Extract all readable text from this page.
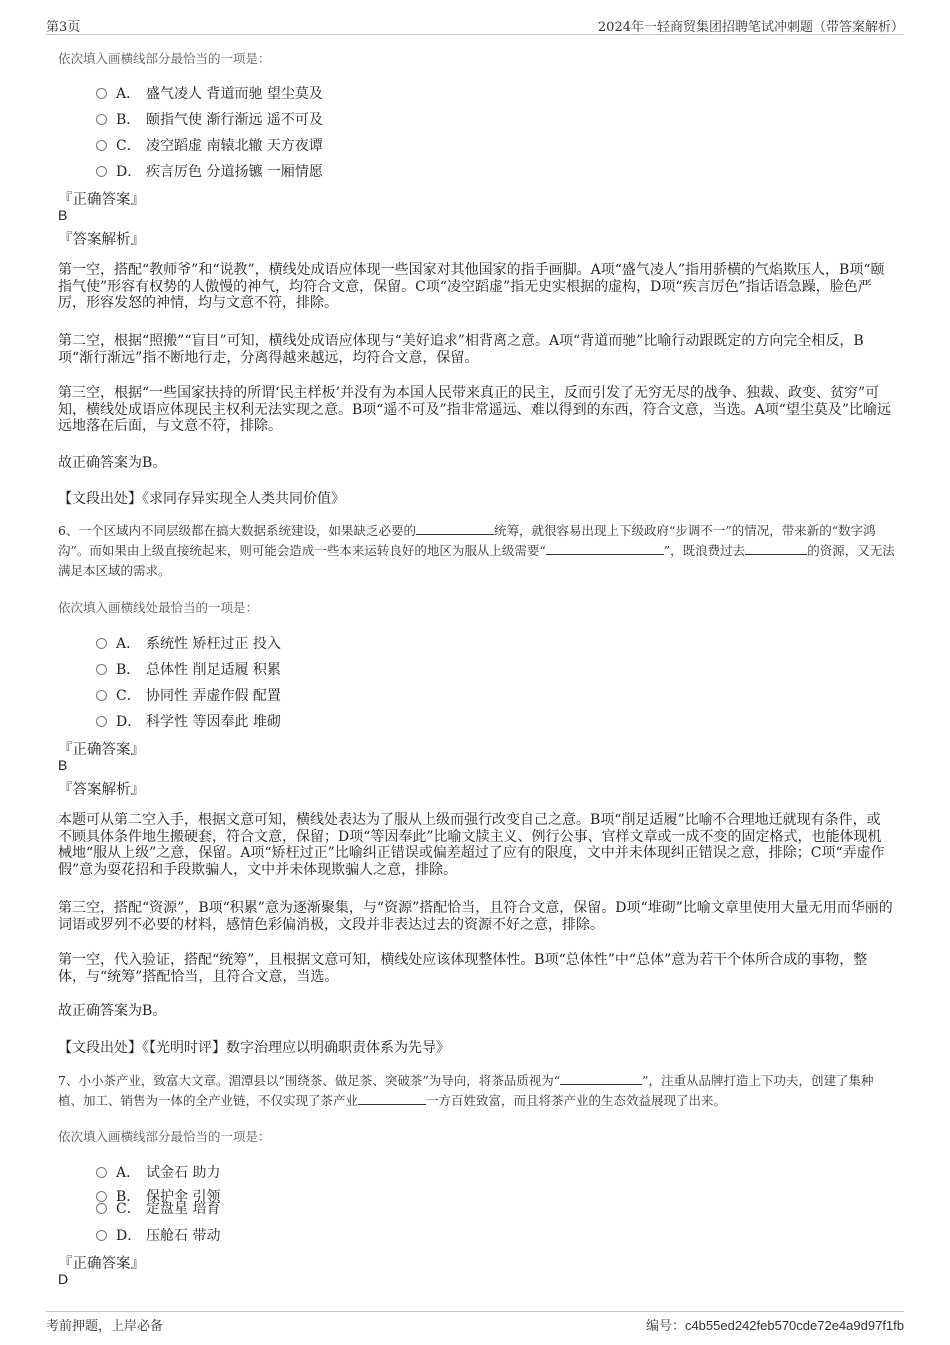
第3页	2024年一轻商贸集团招聘笔试冲刺题（带答案解析）
依次填入画横线部分最恰当的一项是：
A． 盛气凌人 背道而驰 望尘莫及
B． 颐指气使 渐行渐远 遥不可及
C． 凌空蹈虚 南辕北辙 天方夜谭
D． 疾言厉色 分道扬镳 一厢情愿
『正确答案』
B
『答案解析』
第一空，搭配“教师爷”和“说教”，横线处成语应体现一些国家对其他国家的指手画脚。A项“盛气凌人”指用骄横的气焰欺压人，B项“颐指气使”形容有权势的人傲慢的神气，均符合文意，保留。C项“凌空蹈虚”指无史实根据的虚构，D项“疾言厉色”指话语急躁，脸色严厉，形容发怒的神情，均与文意不符，排除。
第二空，根据“照搬”“盲目”可知，横线处成语应体现与“美好追求”相背离之意。A项“背道而驰”比喻行动跟既定的方向完全相反，B项“渐行渐远”指不断地行走，分离得越来越远，均符合文意，保留。
第三空，根据“一些国家扶持的所谓‘民主样板’并没有为本国人民带来真正的民主，反而引发了无穷无尽的战争、独裁、政变、贫穷”可知，横线处成语应体现民主权利无法实现之意。B项“遥不可及”指非常遥远、难以得到的东西，符合文意，当选。A项“望尘莫及”比喻远远地落在后面，与文意不符，排除。
故正确答案为B。
【文段出处】《求同存异实现全人类共同价值》
6、一个区域内不同层级都在搞大数据系统建设，如果缺乏必要的	统筹，就很容易出现上下级政府“步调不一”的情况，带来新的“数字鸿沟”。而如果由上级直接统起来，则可能会造成一些本来运转良好的地区为服从上级需要“	”，既浪费过去	的资源，又无法满足本区域的需求。
依次填入画横线处最恰当的一项是：
A． 系统性 矫枉过正 投入
B． 总体性 削足适履 积累
C． 协同性 弄虚作假 配置
D． 科学性 等因奉此 堆砌
『正确答案』
B
『答案解析』
本题可从第二空入手，根据文意可知，横线处表达为了服从上级而强行改变自己之意。B项“削足适履”比喻不合理地迁就现有条件，或不顾具体条件地生搬硬套，符合文意，保留；D项“等因奉此”比喻文牍主义、例行公事、官样文章或一成不变的固定格式，也能体现机械地“服从上级”之意，保留。A项“矫枉过正”比喻纠正错误或偏差超过了应有的限度，文中并未体现纠正错误之意，排除；C项“弄虚作假”意为耍花招和手段欺骗人，文中并未体现欺骗人之意，排除。
第三空，搭配“资源”，B项“积累”意为逐渐聚集，与“资源”搭配恰当，且符合文意，保留。D项“堆砌”比喻文章里使用大量无用而华丽的词语或罗列不必要的材料，感情色彩偏消极，文段并非表达过去的资源不好之意，排除。
第一空，代入验证，搭配“统筹”，且根据文意可知，横线处应该体现整体性。B项“总体性”中“总体”意为若干个体所合成的事物，整体，与“统筹”搭配恰当，且符合文意，当选。
故正确答案为B。
【文段出处】《【光明时评】数字治理应以明确职责体系为先导》
7、小小茶产业，致富大文章。湄潭县以“围绕茶、做足茶、突破茶”为导向，将茶品质视为“	”，注重从品牌打造上下功夫，创建了集种植、加工、销售为一体的全产业链，不仅实现了茶产业	一方百姓致富，而且将茶产业的生态效益展现了出来。
依次填入画横线部分最恰当的一项是：
A． 试金石 助力
B． 保护伞 引领
C． 定盘星 培育
D． 压舱石 带动
『正确答案』
D
考前押题，上岸必备	编号：c4b55ed242feb570cde72e4a9d97f1fb
